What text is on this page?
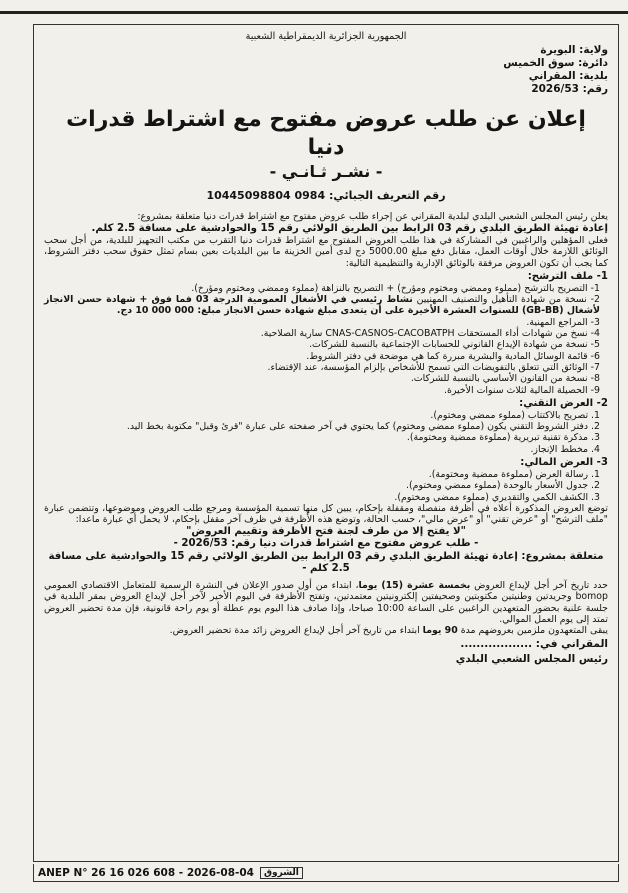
الجمهورية الجزائرية الديمقراطية الشعبية
ولاية: البويرة
دائرة: سوق الخميس
بلدية: المقراني
رقم: 2026/53
إعلان عن طلب عروض مفتوح مع اشتراط قدرات دنيا
- نشـر ثـانـي -
رقم التعريف الجبائي: 0984 10445098804

يعلن رئيس المجلس الشعبي البلدي لبلدية المقراني عن إجراء طلب عروض مفتوح مع اشتراط قدرات دنيا متعلقة بمشروع:

إعادة تهيئة الطريق البلدي رقم 03 الرابط بين الطريق الولائي رقم 15 والحوادشية على مسافة 2.5 كلم.

فعلى المؤهلين والراغبين في المشاركة في هذا طلب العروض المفتوح مع اشتراط قدرات دنيا التقرب من مكتب التجهيز للبلدية، من أجل سحب الوثائق اللازمة خلال أوقات العمل، مقابل دفع مبلغ 5000.00 دج لدى أمين الخزينة ما بين البلديات بعين بسام تمثل حقوق سحب دفتر الشروط، كما يجب أن تكون العروض مرفقة بالوثائق الإدارية والتنظيمية التالية:

1- ملف الترشح:

1- التصريح بالترشح (مملوء وممضي ومختوم ومؤرخ) + التصريح بالنزاهة (مملوء وممضي ومختوم ومؤرخ).

2- نسخة من شهادة التأهيل والتصنيف المهنيين نشاط رئيسي في الأشغال العمومية الدرجة 03 فما فوق + شهادة حسن الانجاز لأشغال (GB-BB) للسنوات العشرة الأخيرة على أن يتعدى مبلغ شهادة حسن الانجاز مبلغ: 000 000 10 دج.

3- المراجع المهنية.

4- نسخ من شهادات أداء المستحقات CNAS-CASNOS-CACOBATPH سارية الصلاحية.

5- نسخة من شهادة الإيداع القانوني للحسابات الإجتماعية بالنسبة للشركات.

6- قائمة الوسائل المادية والبشرية مبررة كما هي موضحة في دفتر الشروط.

7- الوثائق التي تتعلق بالتفويضات التي تسمح للأشخاص بإلزام المؤسسة، عند الإقتضاء.

8- نسخة من القانون الأساسي بالنسبة للشركات.

9- الحصيلة المالية لثلاث سنوات الأخيرة.

2- العرض التقني:

1. تصريح بالاكتتاب (مملوء ممضي ومختوم).

2. دفتر الشروط التقني يكون (مملوء ممضي ومختوم) كما يحتوي في آخر صفحته على عبارة "قرئ وقبل" مكتوبة بخط اليد.

3. مذكرة تقنية تبريرية (مملوءة ممضية ومختومة).

4. مخطط الإنجاز.

3- العرض المالي:

1. رسالة العرض (مملوءة ممضية ومختومة).

2. جدول الأسعار بالوحدة (مملوء ممضي ومختوم).

3. الكشف الكمي والتقديري (مملوء ممضي ومختوم).

توضع العروض المذكورة أعلاه في أظرفة منفصلة ومقفلة بإحكام، يبين كل منها تسمية المؤسسة ومرجع طلب العروض وموضوعها، وتتضمن عبارة "ملف الترشح" أو "عرض تقني" أو "عرض مالي"، حسب الحالة، وتوضع هذه الأظرفة في ظرف آخر مقفل بإحكام، لا يحمل أي عبارة ماعدا:

"لا يفتح إلا من طرف لجنة فتح الأظرفة وتقييم العروض"
- طلب عروض مفتوح مع اشتراط قدرات دنيا رقم: 2026/53 -
متعلقة بمشروع: إعادة تهيئة الطريق البلدي رقم 03 الرابط بين الطريق الولائي رقم 15 والحوادشية على مسافة 2.5 كلم -

حدد تاريخ آخر أجل لإيداع العروض بخمسة عشرة (15) يوما، ابتداء من أول صدور الإعلان في النشرة الرسمية للمتعامل الاقتصادي العمومي bomop وجريدتين وطنيتين مكتوبتين وصحيفتين إلكترونيتين معتمدتين، وتفتح الأظرفة في اليوم الأخير لآخر أجل لإيداع العروض بمقر البلدية في جلسة علنية بحضور المتعهدين الراغبين على الساعة 10:00 صباحا، وإذا صادف هذا اليوم يوم عطلة أو يوم راحة قانونية، فإن مدة تحضير العروض تمتد إلى يوم العمل الموالي.

يبقى المتعهدون ملزمين بعروضهم مدة 90 يوما ابتداء من تاريخ آخر أجل لإيداع العروض زائد مدة تحضير العروض.

المقراني في: ..................
رئيس المجلس الشعبي البلدي
ANEP N° 26 16 026 608 - 2026-08-04	الشروق
